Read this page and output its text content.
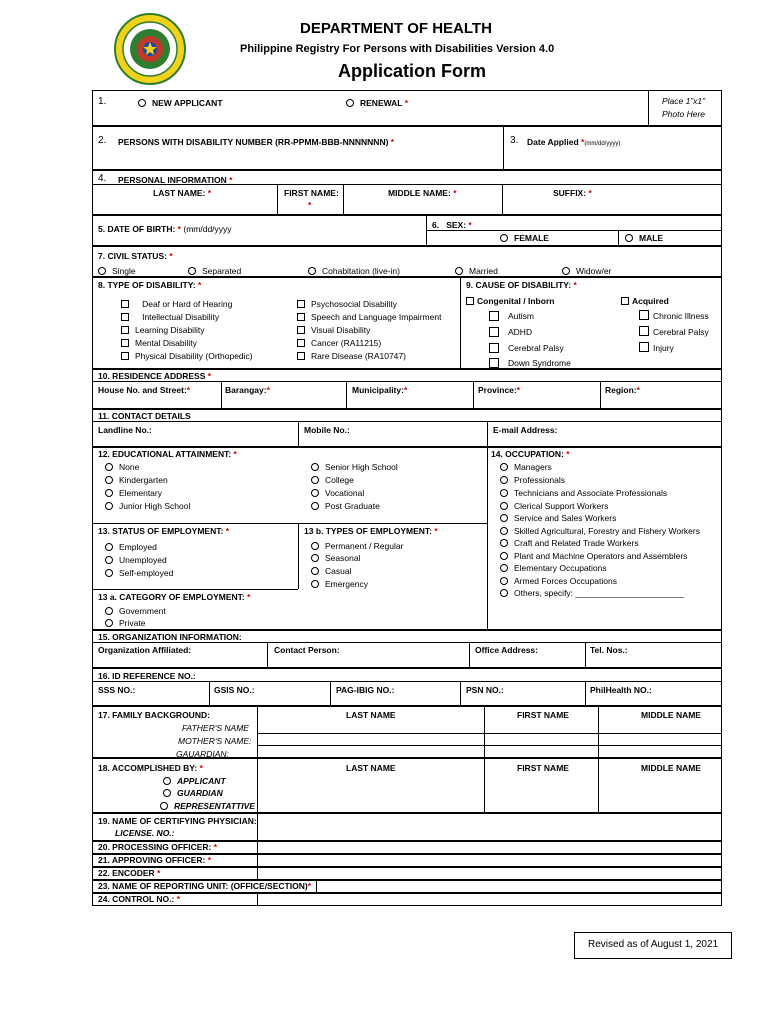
DEPARTMENT OF HEALTH
Philippine Registry For Persons with Disabilities Version 4.0
Application Form
1.	NEW APPLICANT	RENEWAL *	Place 1”x1”
Photo Here
2. PERSONS WITH DISABILITY NUMBER (RR-PPMM-BBB-NNNNNNN) *	3. Date Applied *(mm/dd/yyyy)
4. PERSONAL INFORMATION *
LAST NAME: *	FIRST NAME:
*
MIDDLE NAME: *	SUFFIX: *
5. DATE OF BIRTH: * (mm/dd/yyyy	6. SEX: *
FEMALE	MALE
7. CIVIL STATUS: *
Single	Separated	Cohabitation (live-in)	Married	Widow/er
8. TYPE OF DISABILITY: *
Deaf or Hard of Hearing
Intellectual Disability
Learning Disability
Mental Disability
Physical Disability (Orthopedic)
Psychosocial Disability
Speech and Language Impairment
Visual Disability
Cancer (RA11215)
Rare Disease (RA10747)
9. CAUSE OF DISABILITY: *
Congenital / Inborn	Acquired
Autism
ADHD
Cerebral Palsy
Down Syndrome
Chronic Illness
Cerebral Palsy
Injury
10. RESIDENCE ADDRESS *
House No. and Street:*	Barangay:*	Municipality:*	Province:*	Region:*
11. CONTACT DETAILS
Landline No.:	Mobile No.:	E-mail Address:
12. EDUCATIONAL ATTAINMENT: *
None
Kindergarten
Elementary
Junior High School
Senior High School
College
Vocational
Post Graduate
14. OCCUPATION: *
Managers
Professionals
Technicians and Associate Professionals
Clerical Support Workers
Service and Sales Workers
Skilled Agricultural, Forestry and Fishery Workers
Craft and Related Trade Workers
Plant and Machine Operators and Assemblers
Elementary Occupations
Armed Forces Occupations
Others, specify: _______________________
13. STATUS OF EMPLOYMENT: *
Employed
Unemployed
Self-employed
13 b. TYPES OF EMPLOYMENT: *
Permanent / Regular
Seasonal
Casual
Emergency
13 a. CATEGORY OF EMPLOYMENT: *
Government
Private
15. ORGANIZATION INFORMATION:
Organization Affiliated:	Contact Person:	Office Address:	Tel. Nos.:
16. ID REFERENCE NO.:
SSS NO.:	GSIS NO.:	PAG-IBIG NO.:	PSN NO.:	PhilHealth NO.:
17. FAMILY BACKGROUND:	LAST NAME	FIRST NAME	MIDDLE NAME
FATHER'S NAME
MOTHER'S NAME:
GAUARDIAN:
18. ACCOMPLISHED BY: *	LAST NAME	FIRST NAME	MIDDLE NAME
APPLICANT
GUARDIAN
REPRESENTATTIVE
19. NAME OF CERTIFYING PHYSICIAN:
LICENSE. NO.:
20. PROCESSING OFFICER: *
21. APPROVING OFFICER: *
22. ENCODER *
23. NAME OF REPORTING UNIT: (OFFICE/SECTION)*
24. CONTROL NO.: *
Revised as of August 1, 2021
